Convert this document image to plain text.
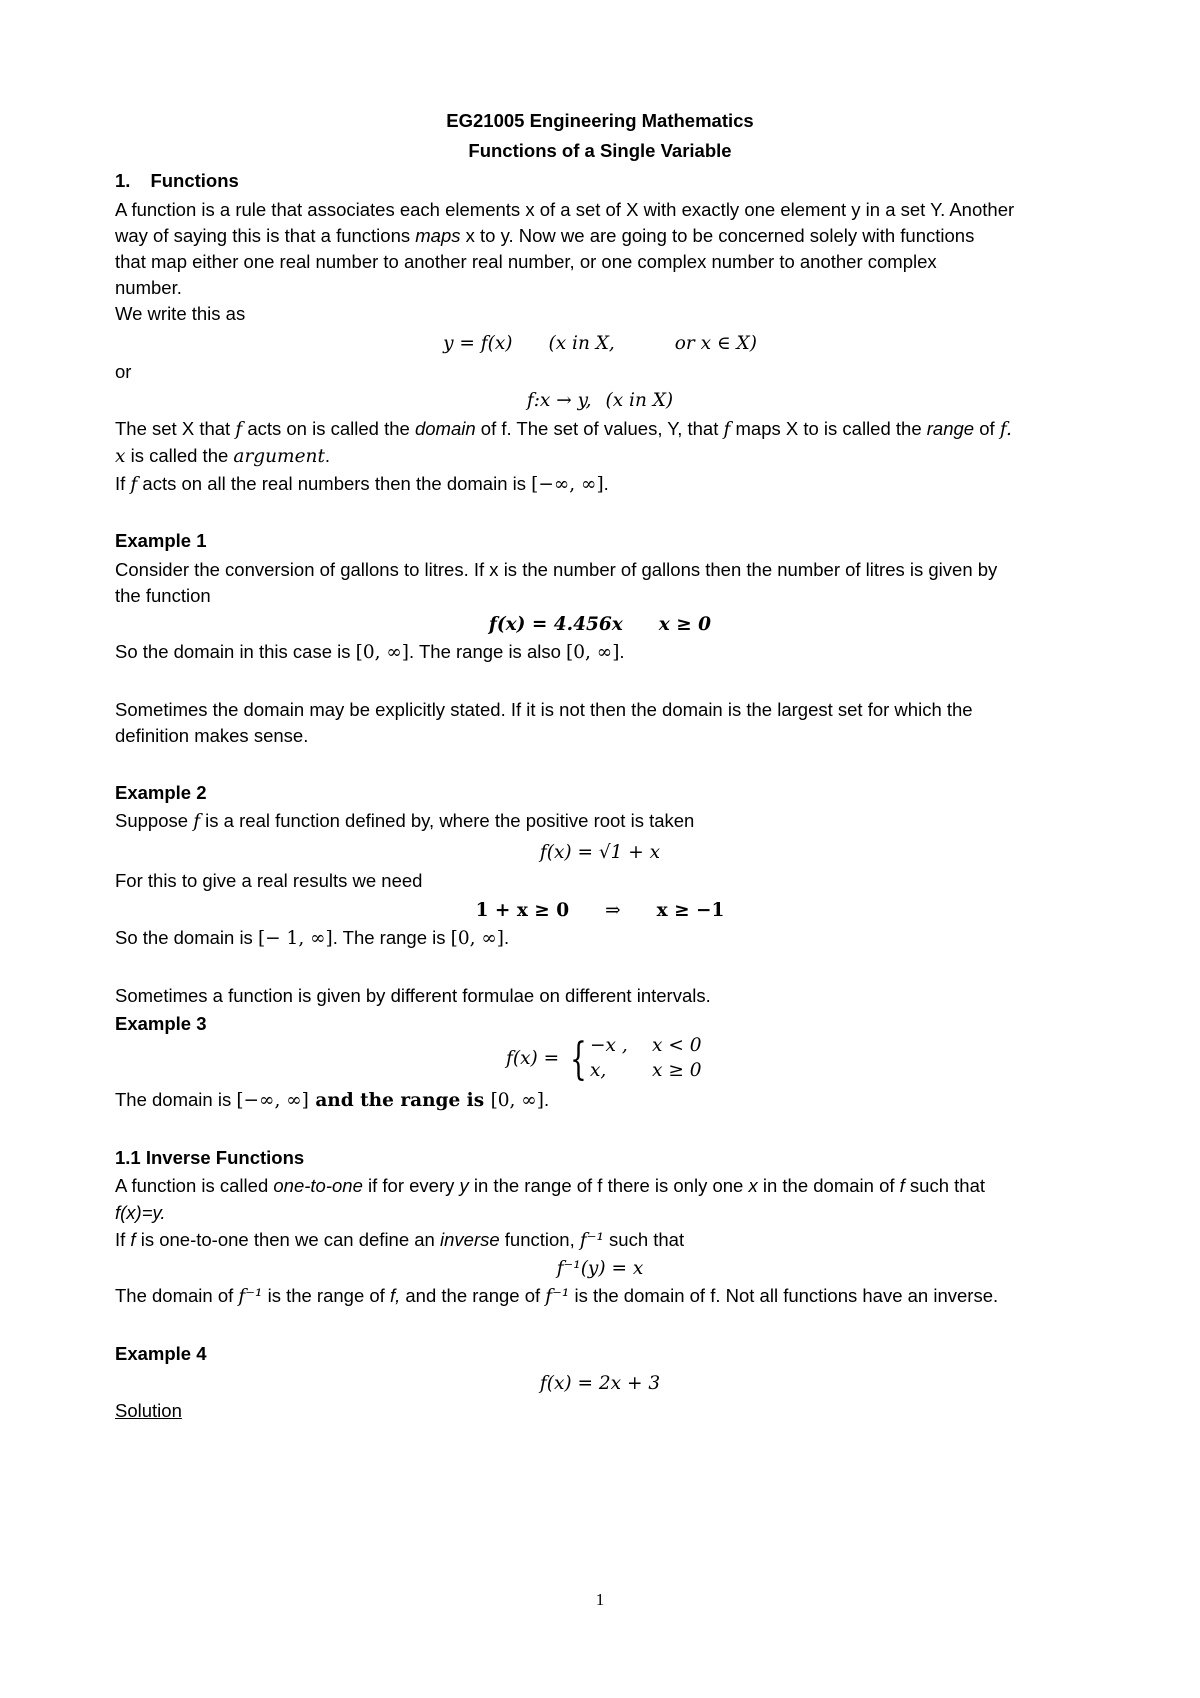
EG21005 Engineering Mathematics
Functions of a Single Variable
1. Functions
A function is a rule that associates each elements x of a set of X with exactly one element y in a set Y. Another
way of saying this is that a functions maps x to y. Now we are going to be concerned solely with functions
that map either one real number to another real number, or one complex number to another complex
number.
We write this as
y = f(x) (x in X,	or x ∈ X)
or
f:x → y, (x in X)
The set X that f acts on is called the domain of f. The set of values, Y, that f maps X to is called the range of f.
x is called the argument.
If f acts on all the real numbers then the domain is [−∞, ∞].
Example 1
Consider the conversion of gallons to litres. If x is the number of gallons then the number of litres is given by
the function
f(x) = 4.456x x ≥ 0
So the domain in this case is [0, ∞]. The range is also [0, ∞].
Sometimes the domain may be explicitly stated. If it is not then the domain is the largest set for which the
definition makes sense.
Example 2
Suppose f is a real function defined by, where the positive root is taken
f(x) = √1 + x
For this to give a real results we need
1 + x ≥ 0 ⇒ x ≥ −1
So the domain is [− 1, ∞]. The range is [0, ∞].
Sometimes a function is given by different formulae on different intervals.
Example 3
f(x) = { −x , x < 0
x, x ≥ 0
The domain is [−∞, ∞] and the range is [0, ∞].
1.1 Inverse Functions
A function is called one-to-one if for every y in the range of f there is only one x in the domain of f such that
f(x)=y.
If f is one-to-one then we can define an inverse function, f⁻¹ such that
f⁻¹(y) = x
The domain of f⁻¹ is the range of f, and the range of f⁻¹ is the domain of f. Not all functions have an inverse.
Example 4
f(x) = 2x + 3
Solution
1
